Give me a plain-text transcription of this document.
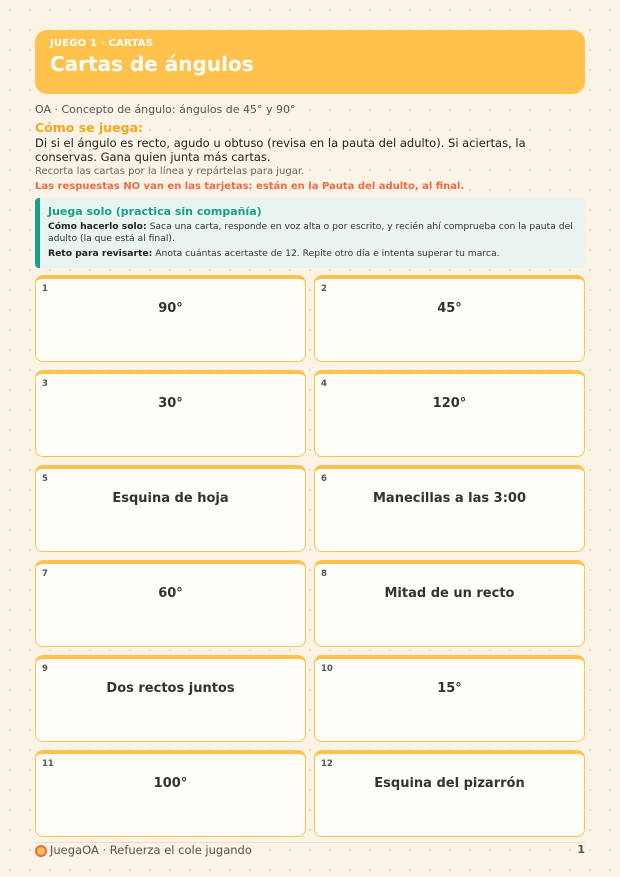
JUEGO 1 · CARTAS
Cartas de ángulos
OA · Concepto de ángulo: ángulos de 45° y 90°
Cómo se juega:
Di si el ángulo es recto, agudo u obtuso (revisa en la pauta del adulto). Si aciertas, la conservas. Gana quien junta más cartas.
Recorta las cartas por la línea y repártelas para jugar.
Las respuestas NO van en las tarjetas: están en la Pauta del adulto, al final.
Juega solo (practica sin compañía)
Cómo hacerlo solo: Saca una carta, responde en voz alta o por escrito, y recién ahí comprueba con la pauta del adulto (la que está al final).
Reto para revisarte: Anota cuántas acertaste de 12. Repite otro día e intenta superar tu marca.
1
90°
2
45°
3
30°
4
120°
5
Esquina de hoja
6
Manecillas a las 3:00
7
60°
8
Mitad de un recto
9
Dos rectos juntos
10
15°
11
100°
12
Esquina del pizarrón
JuegaOA · Refuerza el cole jugando	1
